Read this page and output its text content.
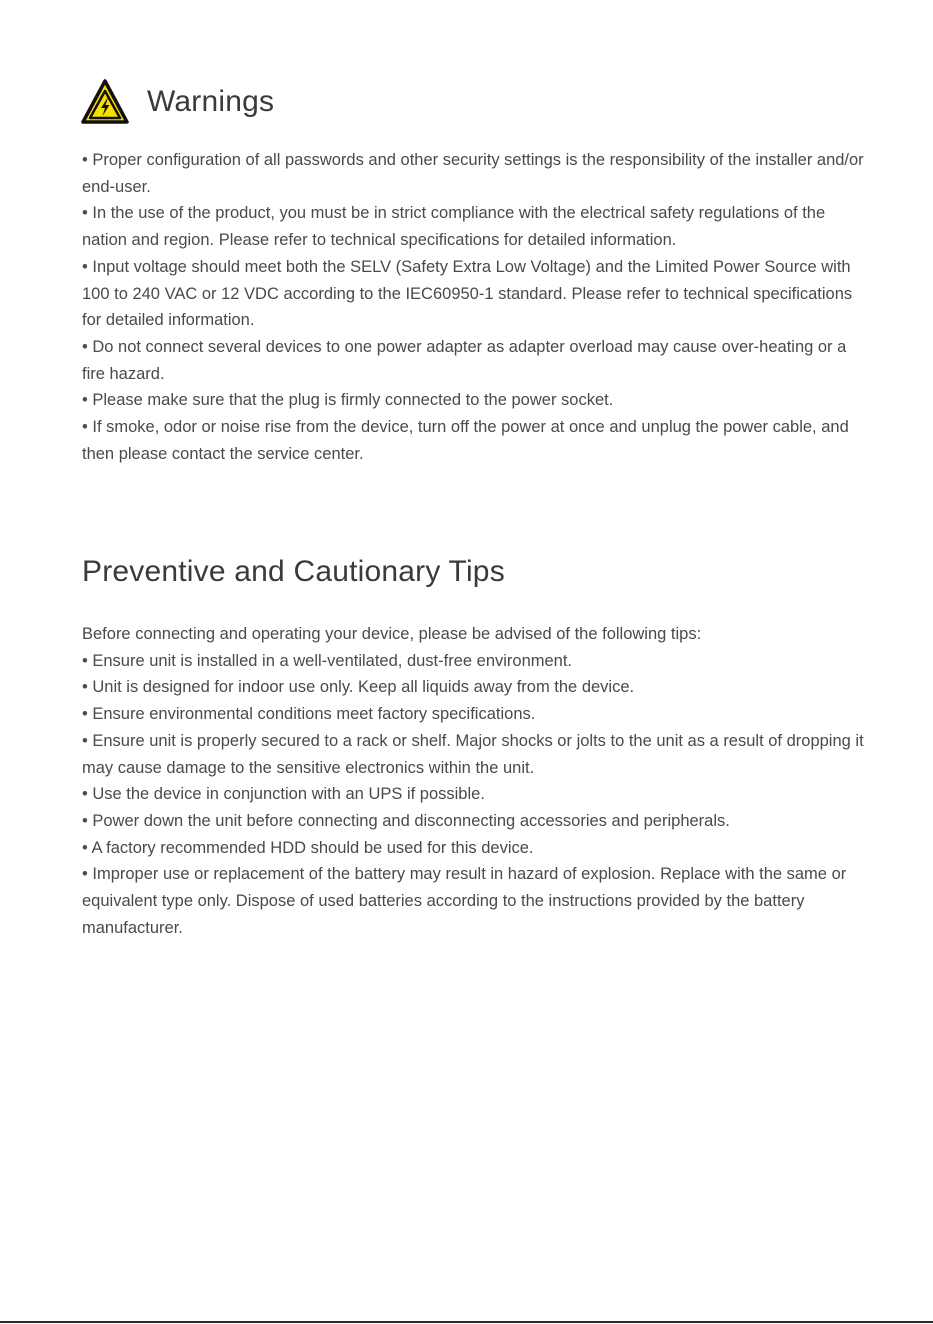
Warnings

• Proper configuration of all passwords and other security settings is the responsibility of the installer and/or end-user.

• In the use of the product, you must be in strict compliance with the electrical safety regulations of the nation and region. Please refer to technical specifications for detailed information.

• Input voltage should meet both the SELV (Safety Extra Low Voltage) and the Limited Power Source with 100 to 240 VAC or 12 VDC according to the IEC60950-1 standard. Please refer to technical specifications for detailed information.

• Do not connect several devices to one power adapter as adapter overload may cause over-heating or a fire hazard.

• Please make sure that the plug is firmly connected to the power socket.

• If smoke, odor or noise rise from the device, turn off the power at once and unplug the power cable, and then please contact the service center.

Preventive and Cautionary Tips

Before connecting and operating your device, please be advised of the following tips:

• Ensure unit is installed in a well-ventilated, dust-free environment.

• Unit is designed for indoor use only. Keep all liquids away from the device.

• Ensure environmental conditions meet factory specifications.

• Ensure unit is properly secured to a rack or shelf. Major shocks or jolts to the unit as a result of dropping it may cause damage to the sensitive electronics within the unit.

• Use the device in conjunction with an UPS if possible.

• Power down the unit before connecting and disconnecting accessories and peripherals.

• A factory recommended HDD should be used for this device.

• Improper use or replacement of the battery may result in hazard of explosion. Replace with the same or equivalent type only. Dispose of used batteries according to the instructions provided by the battery manufacturer.
